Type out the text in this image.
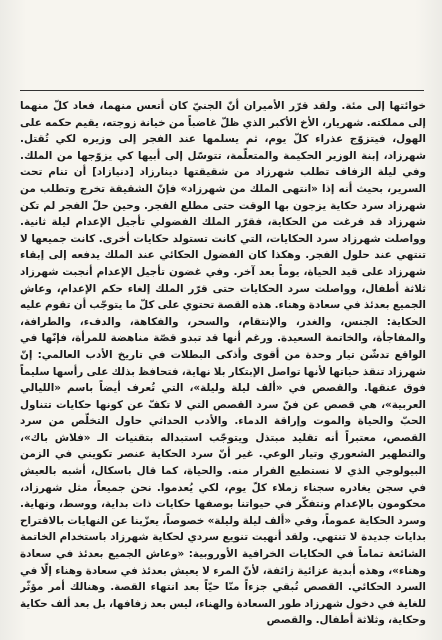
خوائتها إلى مئة. ولقد قرّر الأميران أنّ الجنيّ كان أتعس منهما، فعاد كلّ منهما إلى مملكته. شهريار، الأخ الأكبر الذي ظلّ غاضباً من خيانة زوجته، يقيم حكمه على الهول، فيتزوّج عذراء كلّ يوم، ثم يسلمها عند الفجر إلى وزيره لكي تُقتل. شهرزاد، إبنة الوزير الحكيمة والمتعلّمة، تتوسّل إلى أبيها كي يزوّجها من الملك. وفي ليلة الزفاف تطلب شهرزاد من شقيقتها دينارزاد [دنيازاد] أن تنام تحت السرير، بحيث أنه إذا «انتهى الملك من شهرزاد» فإنّ الشقيقة تخرج وتطلب من شهرزاد سرد حكاية يزجون بها الوقت حتى مطلع الفجر. وحين حلّ الفجر لم تكن شهرزاد قد فرغت من الحكاية، فقرّر الملك الفضولي تأجيل الإعدام ليلة ثانية. وواصلت شهرزاد سرد الحكايات، التي كانت تستولد حكايات أخرى. كانت جميعها لا تنتهي عند حلول الفجر. وهكذا كان الفضول الحكائي عند الملك يدفعه إلى إبقاء شهرزاد على قيد الحياة، يوماً بعد آخر. وفي غضون تأجيل الإعدام أنجبت شهرزاد ثلاثة أطفال، وواصلت سرد الحكايات حتى قرّر الملك إلغاء حكم الإعدام، وعاش الجميع بعدئذ في سعادة وهناء. هذه القصة تحتوي على كلّ ما يتوجّب أن تقوم عليه الحكاية: الجنس، والغدر، والإنتقام، والسحر، والفكاهة، والدفء، والطرافة، والمفاجأة، والخاتمة السعيدة. ورغم أنها قد تبدو قصّة مناهضة للمرأة، فإنّها في الواقع تدشّن تيار وحدة من أقوى وأذكى البطلات في تاريخ الأدب العالمي: إنّ شهرزاد تنقذ حياتها لأنها تواصل الإبتكار بلا نهاية، فتحافظ بذلك على رأسها سليماً فوق عنقها. والقصص في «ألف ليلة وليلة»، التي تُعرف أيضاً باسم «الليالي العربية»، هي قصص عن فنّ سرد القصص التي لا تكفّ عن كونها حكايات تتناول الحبّ والحياة والموت وإراقة الدماء. والأدب الحداثي حاول التخلّص من سرد القصص، معتبراً أنه تقليد مبتذل ويتوجّب استبداله بتقنيات الـ «فلاش باك»، والتطهير الشعوري وتيار الوعي. غير أنّ سرد الحكاية عنصر تكويني في الزمن البيولوجي الذي لا نستطيع الفرار منه. والحياة، كما قال باسكال، أشبه بالعيش في سجن يغادره سجناء زملاء كلّ يوم، لكي يُعدموا. نحن جميعاً، مثل شهرزاد، محكومون بالإعدام ونتفكّر في حيواتنا بوصفها حكايات ذات بداية، ووسط، ونهاية. وسرد الحكاية عموماً، وفي «ألف ليلة وليلة» خصوصاً، يعزّينا عن النهايات بالاقتراح بدايات جديدة لا تنتهي. ولقد أنهيت تنويع سردي لحكاية شهرزاد باستخدام الخاتمة الشائعة تماماً في الحكايات الخرافية الأوروبية: «وعاش الجميع بعدئذ في سعادة وهناء»، وهذه أبدية عزائية زائفة، لأنّ المرء لا يعيش بعدئذ في سعادة وهناء إلّا في السرد الحكائي. القصص تُبقي جزءاً منّا حيّاً بعد انتهاء القصة. وهنالك أمر مؤثّر للغاية في دخول شهرزاد طور السعادة والهناء، ليس بعد زفافها، بل بعد ألف حكاية وحكاية، وثلاثة أطفال. والقصص
